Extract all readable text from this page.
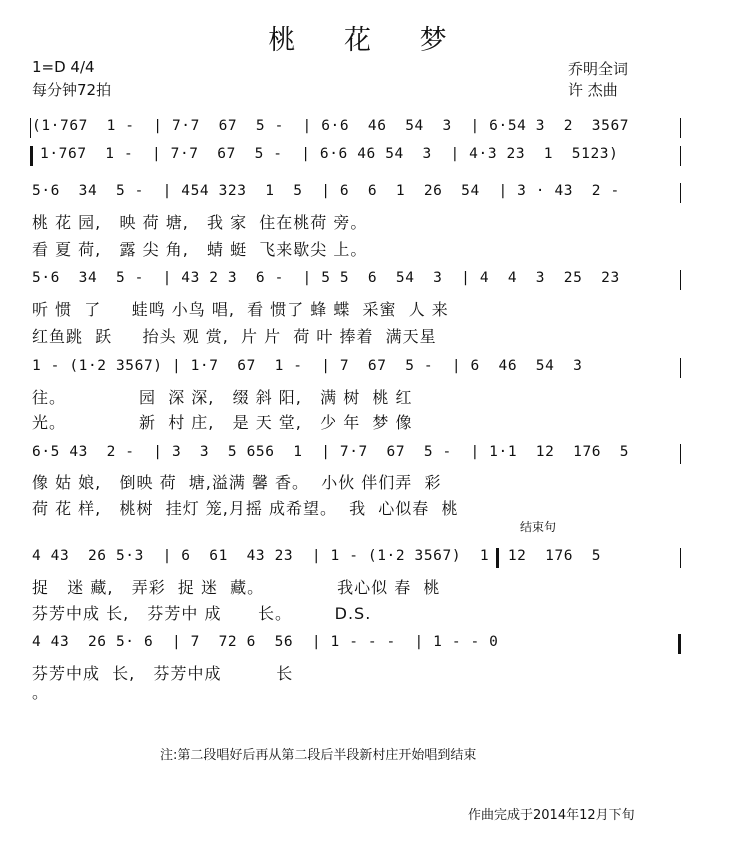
桃 花 梦
1=D 4/4
每分钟72拍
乔明全词
许 杰曲
(1·767  1 -  | 7·7  67  5 -  | 6·6  46  54  3  | 6·54 3  2  3567
1·767  1 -  | 7·7  67  5 -  | 6·6 46 54  3  | 4·3 23  1  5123)
5·6  34  5 -  | 454 323  1  5  | 6  6  1  26  54  | 3 · 43  2 -
桃 花 园,   映 荷 塘,   我 家  住在桃荷 旁。
看 夏 荷,   露 尖 角,   蜻 蜓  飞来歇尖 上。
5·6  34  5 -  | 43 2 3  6 -  | 5 5  6  54  3  | 4  4  3  25  23
听 惯  了     蛙鸣 小鸟 唱,  看 惯了 蜂 蝶  采蜜  人 来
红鱼跳  跃     抬头 观 赏,  片 片  荷 叶 捧着  满天星
1 - (1·2 3567) | 1·7  67  1 -  | 7  67  5 -  | 6  46  54  3
往。            园  深 深,   缀 斜 阳,   满 树  桃 红
光。            新  村 庄,   是 天 堂,   少 年  梦 像
6·5 43  2 -  | 3  3  5 656  1  | 7·7  67  5 -  | 1·1  12  176  5
像 姑 娘,   倒映 荷  塘,溢满 馨 香。  小伙 伴们弄  彩
荷 花 样,   桃树  挂灯 笼,月摇 成希望。  我  心似春  桃
结束句
4 43  26 5·3  | 6  61  43 23  | 1 - (1·2 3567)  1  12  176  5
捉   迷 藏,   弄彩  捉 迷  藏。            我心似 春  桃
芬芳中成 长,   芬芳中 成      长。       D.S.
4 43  26 5· 6  | 7  72 6  56  | 1 - - -  | 1 - - 0
芬芳中成  长,   芬芳中成         长
。
注:第二段唱好后再从第二段后半段新村庄开始唱到结束
作曲完成于2014年12月下旬
